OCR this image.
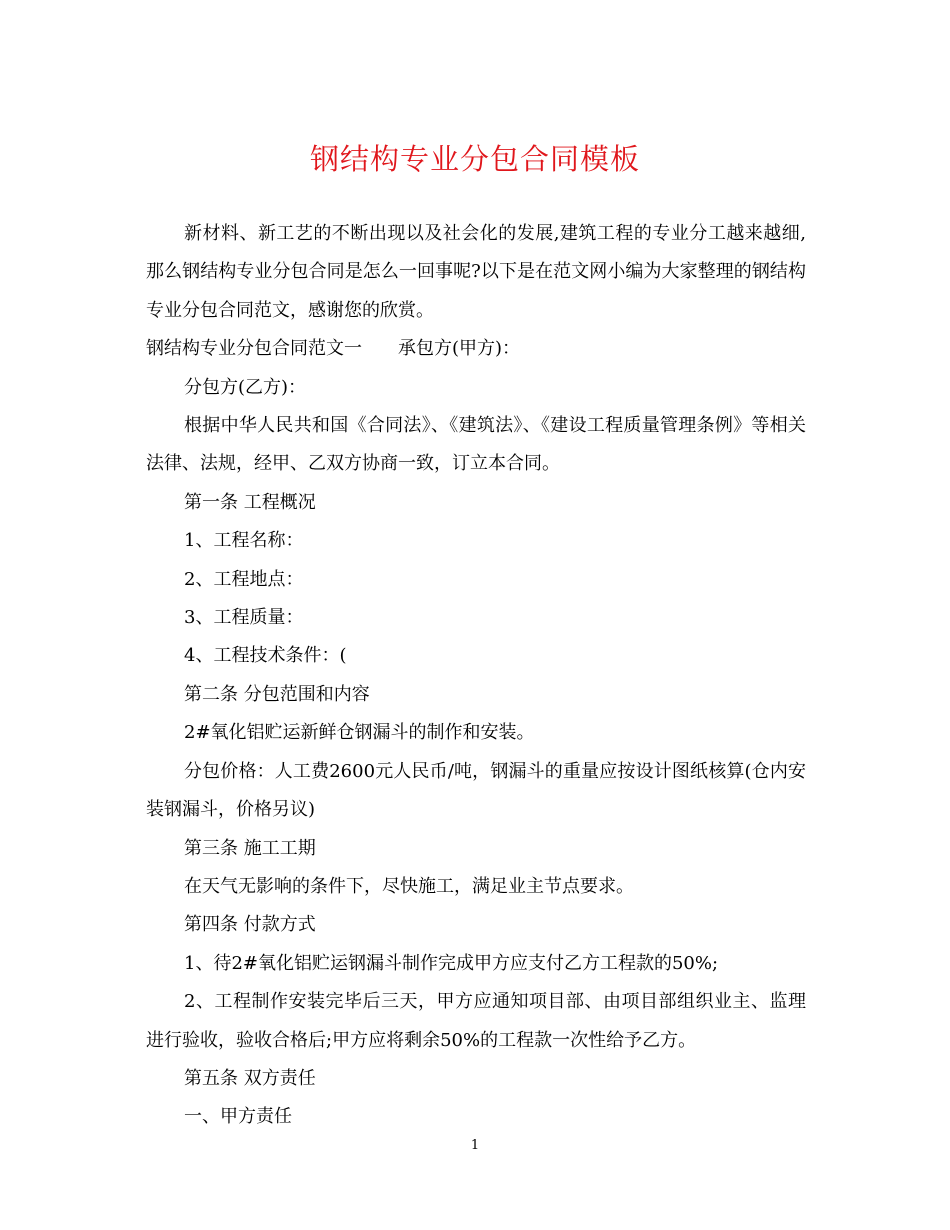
钢结构专业分包合同模板

新材料、新工艺的不断出现以及社会化的发展,建筑工程的专业分工越来越细,那么钢结构专业分包合同是怎么一回事呢?以下是在范文网小编为大家整理的钢结构专业分包合同范文，感谢您的欣赏。

钢结构专业分包合同范文一 承包方(甲方)：

分包方(乙方)：

根据中华人民共和国《合同法》、《建筑法》、《建设工程质量管理条例》等相关法律、法规，经甲、乙双方协商一致，订立本合同。

第一条 工程概况

1、工程名称：

2、工程地点：

3、工程质量：

4、工程技术条件：(

第二条 分包范围和内容

2#氧化铝贮运新鲜仓钢漏斗的制作和安装。

分包价格：人工费2600元人民币/吨，钢漏斗的重量应按设计图纸核算(仓内安装钢漏斗，价格另议)

第三条 施工工期

在天气无影响的条件下，尽快施工，满足业主节点要求。

第四条 付款方式

1、待2#氧化铝贮运钢漏斗制作完成甲方应支付乙方工程款的50%;

2、工程制作安装完毕后三天，甲方应通知项目部、由项目部组织业主、监理进行验收，验收合格后;甲方应将剩余50%的工程款一次性给予乙方。

第五条 双方责任

一、甲方责任

1
